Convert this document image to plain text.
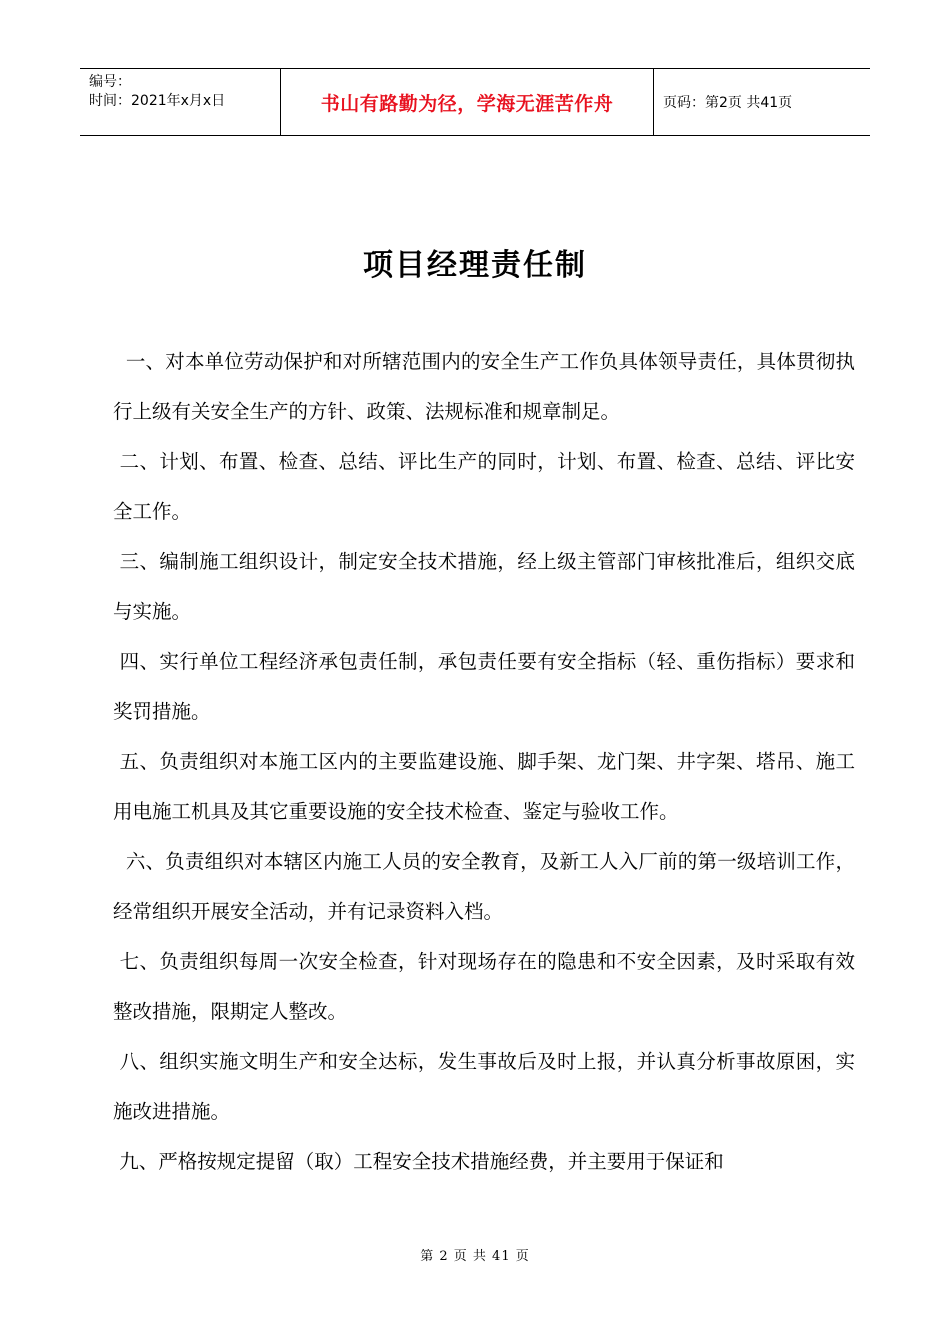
编号：
时间：2021年x月x日	书山有路勤为径，学海无涯苦作舟	页码：第2页 共41页
项目经理责任制

一、对本单位劳动保护和对所辖范围内的安全生产工作负具体领导责任，具体贯彻执行上级有关安全生产的方针、政策、法规标准和规章制足。

二、计划、布置、检查、总结、评比生产的同时，计划、布置、检查、总结、评比安全工作。

三、编制施工组织设计，制定安全技术措施，经上级主管部门审核批准后，组织交底与实施。

四、实行单位工程经济承包责任制，承包责任要有安全指标（轻、重伤指标）要求和奖罚措施。

五、负责组织对本施工区内的主要监建设施、脚手架、龙门架、井字架、塔吊、施工用电施工机具及其它重要设施的安全技术检查、鉴定与验收工作。

六、负责组织对本辖区内施工人员的安全教育，及新工人入厂前的第一级培训工作，经常组织开展安全活动，并有记录资料入档。

七、负责组织每周一次安全检查，针对现场存在的隐患和不安全因素，及时采取有效整改措施，限期定人整改。

八、组织实施文明生产和安全达标，发生事故后及时上报，并认真分析事故原困，实施改进措施。

九、严格按规定提留（取）工程安全技术措施经费，并主要用于保证和

第 2 页 共 41 页
